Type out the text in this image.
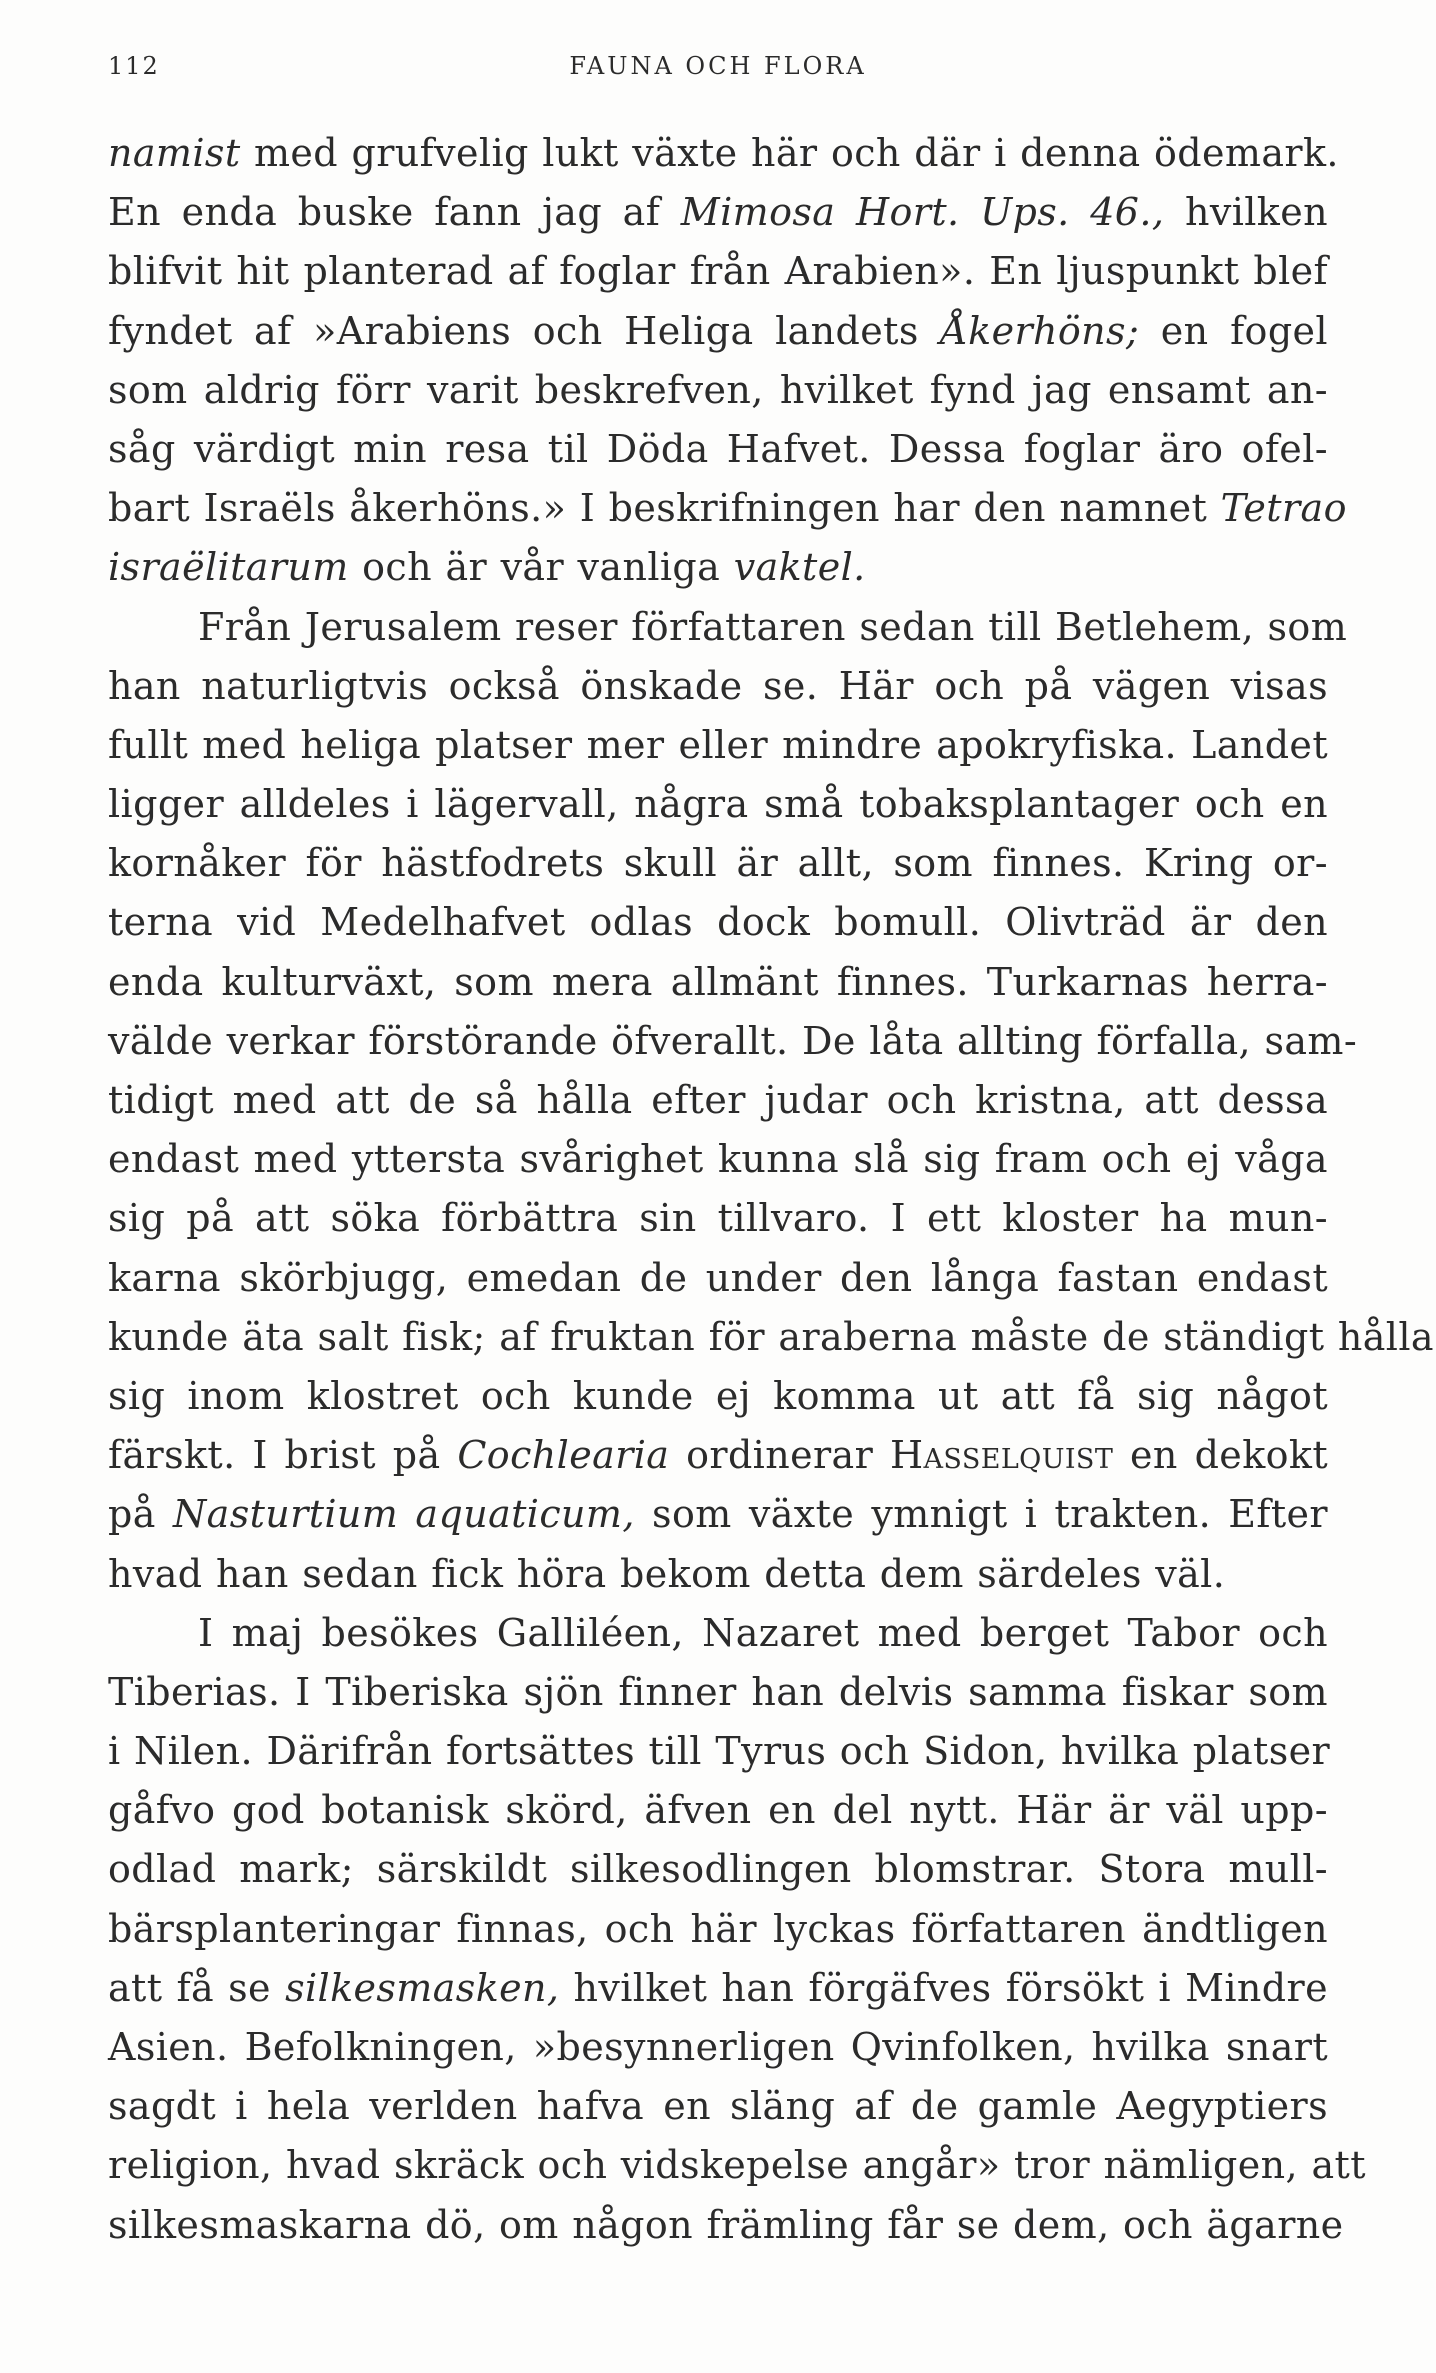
112	FAUNA OCH FLORA
namist med grufvelig lukt växte här och där i denna ödemark.
En enda buske fann jag af Mimosa Hort. Ups. 46., hvilken
blifvit hit planterad af foglar från Arabien». En ljuspunkt blef
fyndet af »Arabiens och Heliga landets Åkerhöns; en fogel
som aldrig förr varit beskrefven, hvilket fynd jag ensamt an-
såg värdigt min resa til Döda Hafvet. Dessa foglar äro ofel-
bart Israëls åkerhöns.» I beskrifningen har den namnet Tetrao
israëlitarum och är vår vanliga vaktel.
Från Jerusalem reser författaren sedan till Betlehem, som
han naturligtvis också önskade se. Här och på vägen visas
fullt med heliga platser mer eller mindre apokryfiska. Landet
ligger alldeles i lägervall, några små tobaksplantager och en
kornåker för hästfodrets skull är allt, som finnes. Kring or-
terna vid Medelhafvet odlas dock bomull. Olivträd är den
enda kulturväxt, som mera allmänt finnes. Turkarnas herra-
välde verkar förstörande öfverallt. De låta allting förfalla, sam-
tidigt med att de så hålla efter judar och kristna, att dessa
endast med yttersta svårighet kunna slå sig fram och ej våga
sig på att söka förbättra sin tillvaro. I ett kloster ha mun-
karna skörbjugg, emedan de under den långa fastan endast
kunde äta salt fisk; af fruktan för araberna måste de ständigt hålla
sig inom klostret och kunde ej komma ut att få sig något
färskt. I brist på Cochlearia ordinerar Hasselquist en dekokt
på Nasturtium aquaticum, som växte ymnigt i trakten. Efter
hvad han sedan fick höra bekom detta dem särdeles väl.
I maj besökes Galliléen, Nazaret med berget Tabor och
Tiberias. I Tiberiska sjön finner han delvis samma fiskar som
i Nilen. Därifrån fortsättes till Tyrus och Sidon, hvilka platser
gåfvo god botanisk skörd, äfven en del nytt. Här är väl upp-
odlad mark; särskildt silkesodlingen blomstrar. Stora mull-
bärsplanteringar finnas, och här lyckas författaren ändtligen
att få se silkesmasken, hvilket han förgäfves försökt i Mindre
Asien. Befolkningen, »besynnerligen Qvinfolken, hvilka snart
sagdt i hela verlden hafva en släng af de gamle Aegyptiers
religion, hvad skräck och vidskepelse angår» tror nämligen, att
silkesmaskarna dö, om någon främling får se dem, och ägarne
